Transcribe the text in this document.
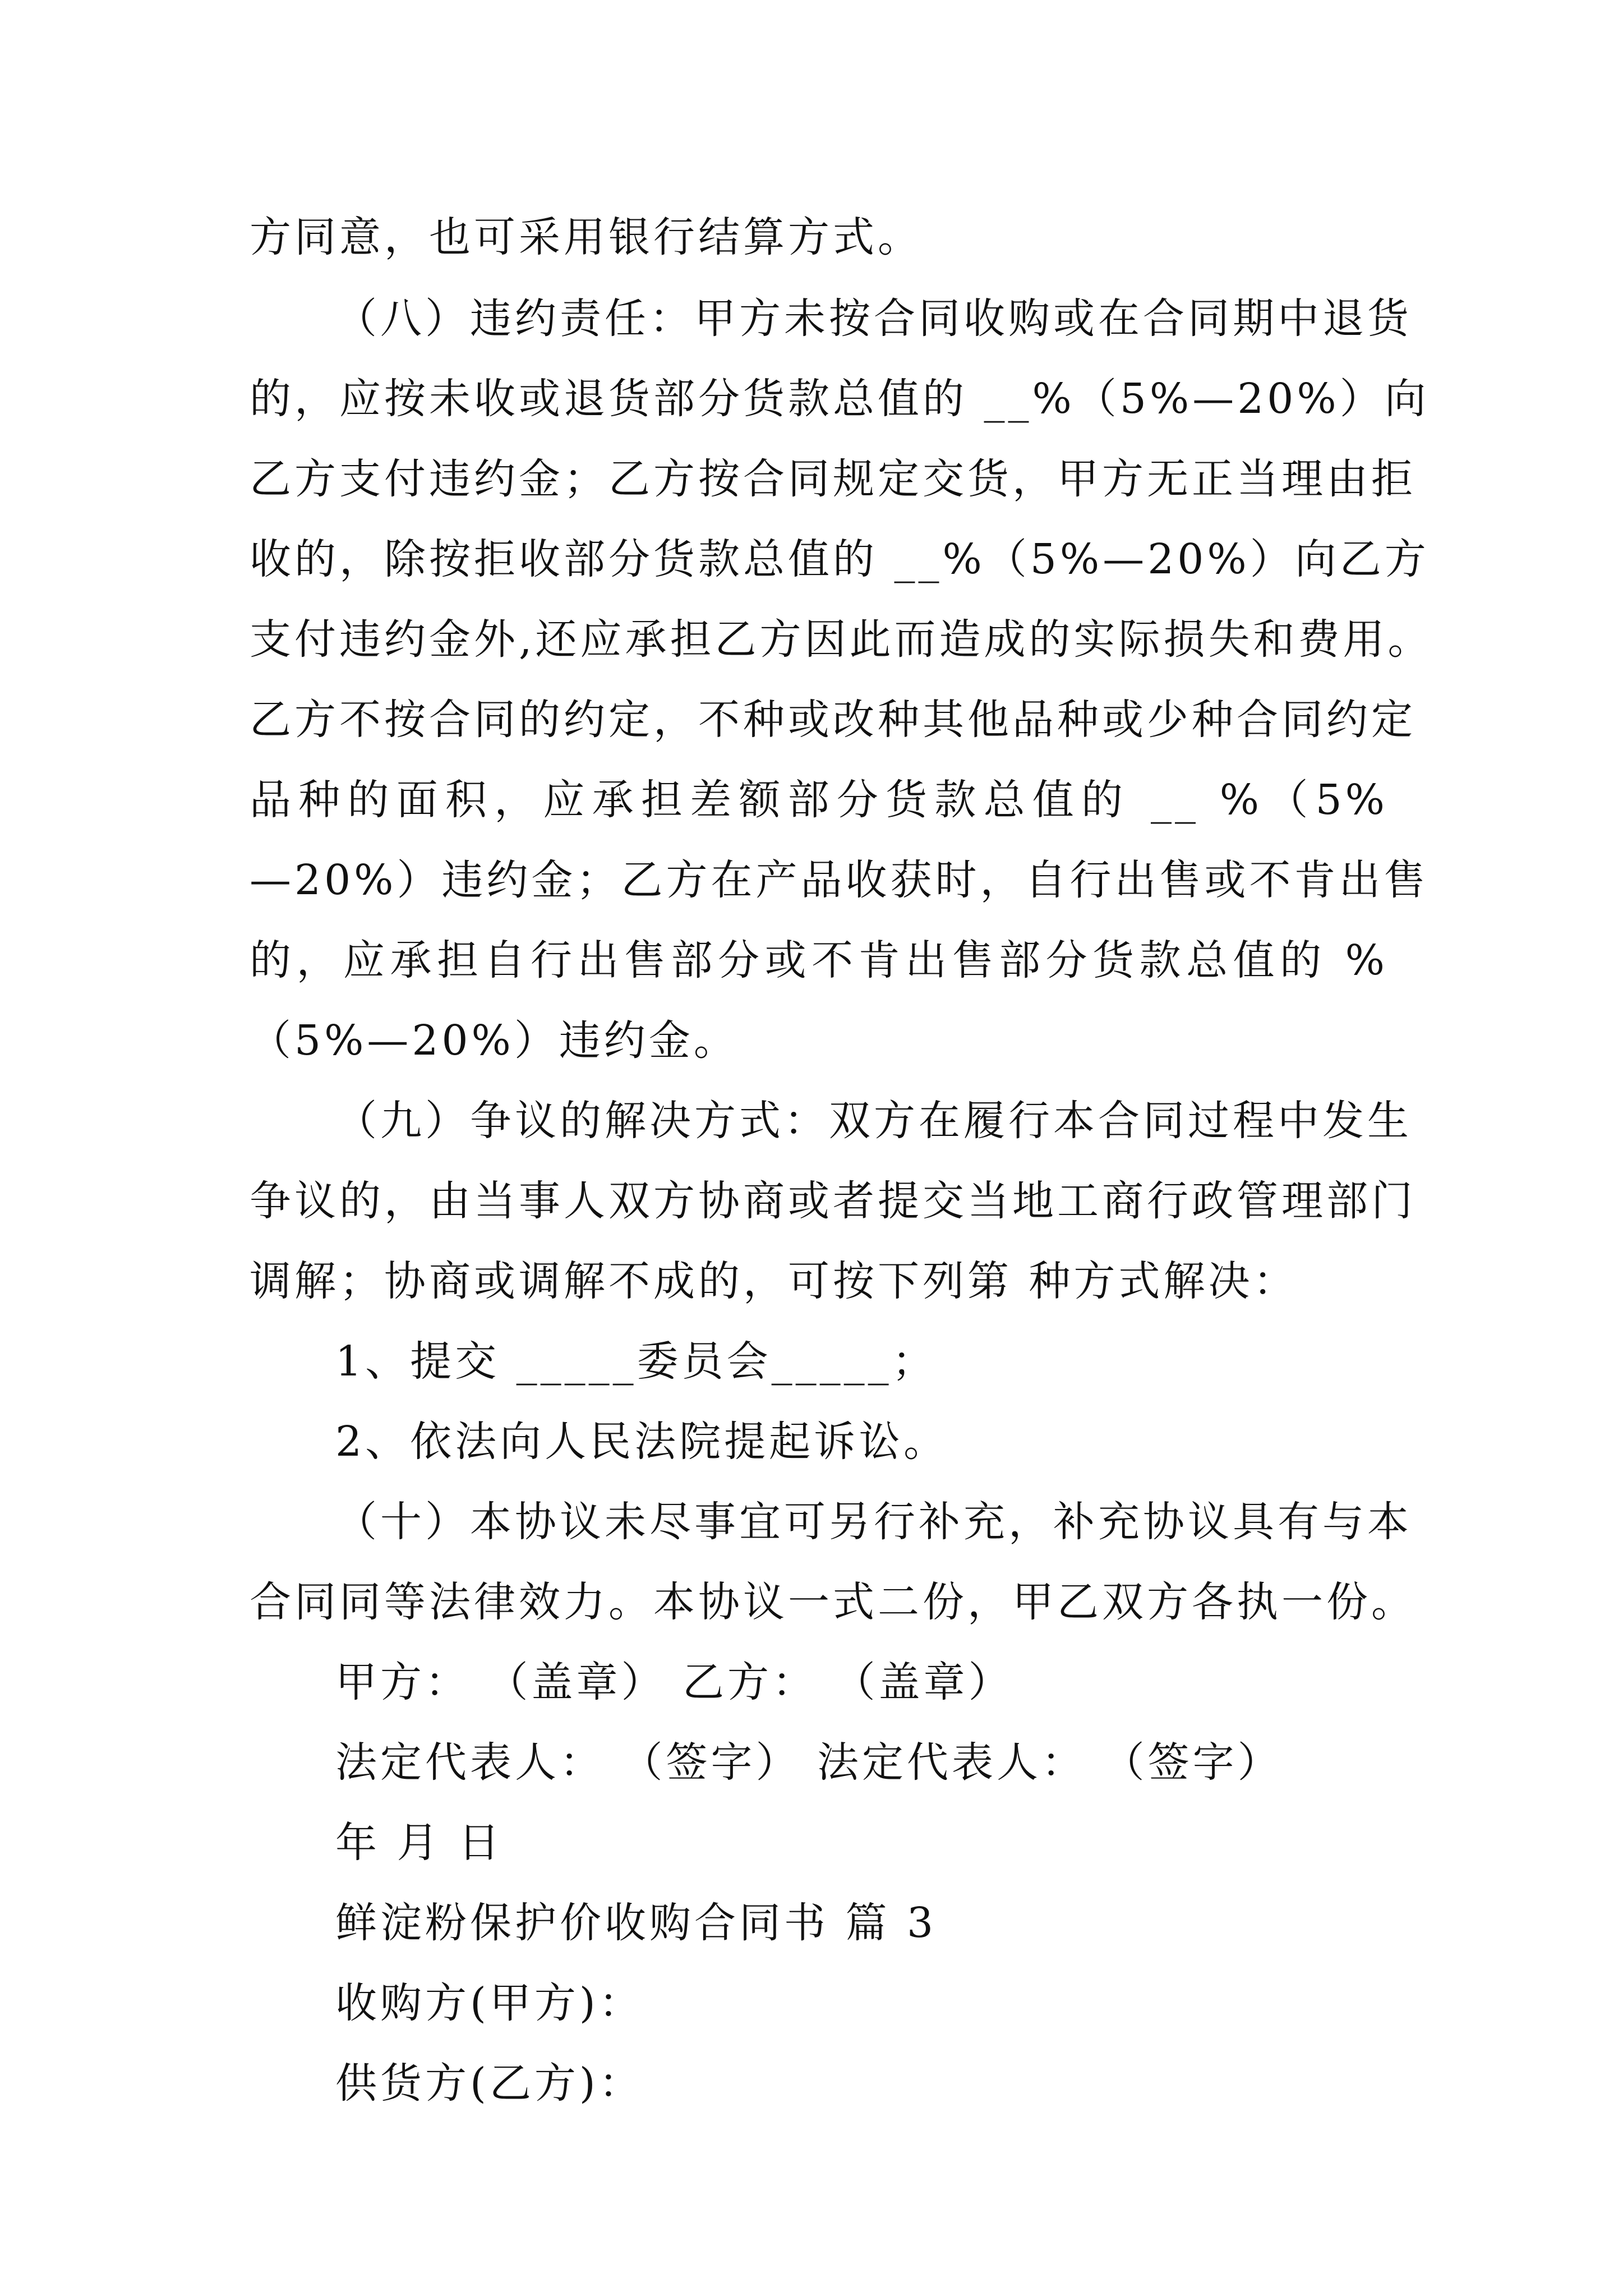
方同意，也可采用银行结算方式。
（八）违约责任：甲方未按合同收购或在合同期中退货
的，应按未收或退货部分货款总值的 __%（5%—20%）向
乙方支付违约金；乙方按合同规定交货，甲方无正当理由拒
收的，除按拒收部分货款总值的 __%（5%—20%）向乙方
支付违约金外,还应承担乙方因此而造成的实际损失和费用。
乙方不按合同的约定，不种或改种其他品种或少种合同约定
品种的面积，应承担差额部分货款总值的 __ %（5%
—20%）违约金；乙方在产品收获时，自行出售或不肯出售
的，应承担自行出售部分或不肯出售部分货款总值的 %
（5%—20%）违约金。
（九）争议的解决方式：双方在履行本合同过程中发生
争议的，由当事人双方协商或者提交当地工商行政管理部门
调解；协商或调解不成的，可按下列第 种方式解决：
1、提交 _____委员会_____；
2、依法向人民法院提起诉讼。
（十）本协议未尽事宜可另行补充，补充协议具有与本
合同同等法律效力。本协议一式二份，甲乙双方各执一份。
甲方： （盖章） 乙方： （盖章）
法定代表人： （签字） 法定代表人： （签字）
年 月 日
鲜淀粉保护价收购合同书 篇 3
收购方(甲方)：
供货方(乙方)：
